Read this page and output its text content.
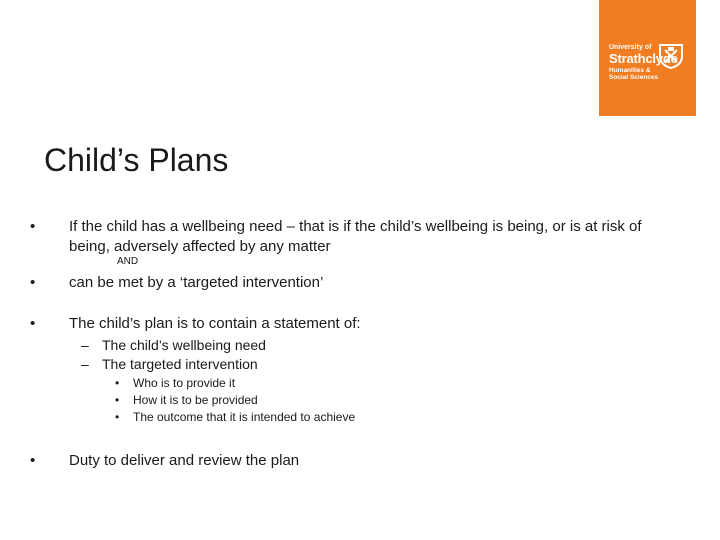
University of
Strathclyde
Humanities &
Social Sciences
Child’s Plans
• If the child has a wellbeing need – that is if the child’s wellbeing is being, or is at risk of being, adversely affected by any matter
AND
• can be met by a ‘targeted intervention’
• The child’s plan is to contain a statement of:
– The child’s wellbeing need
– The targeted intervention
• Who is to provide it
• How it is to be provided
• The outcome that it is intended to achieve
• Duty to deliver and review the plan
